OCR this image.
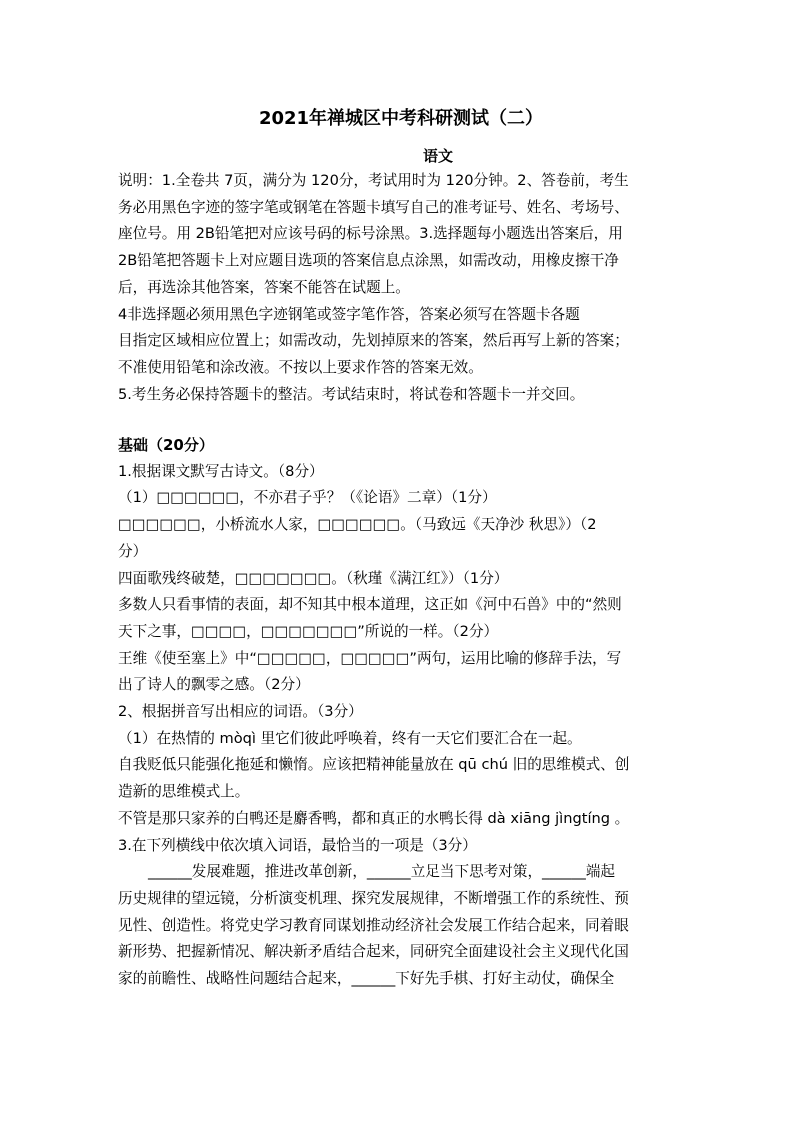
2021年禅城区中考科研测试（二）
语文
说明：1.全卷共 7页，满分为 120分，考试用时为 120分钟。2、答卷前，考生
务必用黑色字迹的签字笔或钢笔在答题卡填写自己的准考证号、姓名、考场号、
座位号。用 2B铅笔把对应该号码的标号涂黑。3.选择题每小题选出答案后，用
2B铅笔把答题卡上对应题目选项的答案信息点涂黑，如需改动，用橡皮擦干净
后，再选涂其他答案，答案不能答在试题上。
4非选择题必须用黑色字迹钢笔或签字笔作答，答案必须写在答题卡各题
目指定区域相应位置上；如需改动，先划掉原来的答案，然后再写上新的答案；
不准使用铅笔和涂改液。不按以上要求作答的答案无效。
5.考生务必保持答题卡的整洁。考试结束时，将试卷和答题卡一并交回。
基础（20分）
1.根据课文默写古诗文。（8分）
（1）□□□□□□，不亦君子乎？（《论语》二章）（1分）
□□□□□□，小桥流水人家，□□□□□□。（马致远《天净沙 秋思》）（2
分）
四面歌残终破楚，□□□□□□□。（秋瑾《满江红》）（1分）
多数人只看事情的表面，却不知其中根本道理，这正如《河中石兽》中的“然则
天下之事，□□□□，□□□□□□□”所说的一样。（2分）
王维《使至塞上》中“□□□□□，□□□□□”两句，运用比喻的修辞手法，写
出了诗人的飘零之感。（2分）
2、根据拼音写出相应的词语。（3分）
（1）在热情的 mòqì 里它们彼此呼唤着，终有一天它们要汇合在一起。
自我贬低只能强化拖延和懒惰。应该把精神能量放在 qū chú 旧的思维模式、创
造新的思维模式上。
不管是那只家养的白鸭还是麝香鸭，都和真正的水鸭长得 dà xiāng jìngtíng 。
3.在下列横线中依次填入词语，最恰当的一项是（3分）
______发展难题，推进改革创新，______立足当下思考对策，______端起
历史规律的望远镜，分析演变机理、探究发展规律，不断增强工作的系统性、预
见性、创造性。将党史学习教育同谋划推动经济社会发展工作结合起来，同着眼
新形势、把握新情况、解决新矛盾结合起来，同研究全面建设社会主义现代化国
家的前瞻性、战略性问题结合起来，______下好先手棋、打好主动仗，确保全
